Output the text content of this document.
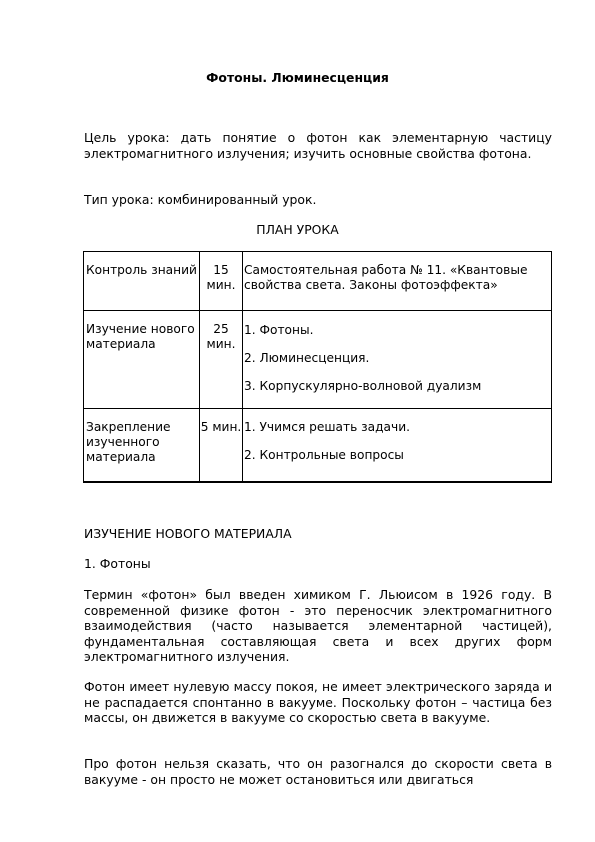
Фотоны. Люминесценция
Цель урока: дать понятие о фотон как элементарную частицу электромагнитного излучения; изучить основные свойства фотона.
Тип урока: комбинированный урок.
ПЛАН УРОКА
Контроль знаний	15 мин.	Самостоятельная работа № 11. «Квантовые свойства света. Законы фотоэффекта»

Изучение нового материала	25 мин.	1. Фотоны.
2. Люминесценция.
3. Корпускулярно-волновой дуализм

Закрепление изученного материала	5 мин.	1. Учимся решать задачи.
2. Контрольные вопросы
ИЗУЧЕНИЕ НОВОГО МАТЕРИАЛА
1. Фотоны
Термин «фотон» был введен химиком Г. Льюисом в 1926 году. В современной физике фотон - это переносчик электромагнитного взаимодействия (часто называется элементарной частицей), фундаментальная составляющая света и всех других форм электромагнитного излучения.
Фотон имеет нулевую массу покоя, не имеет электрического заряда и не распадается спонтанно в вакууме. Поскольку фотон – частица без массы, он движется в вакууме со скоростью света в вакууме.
Про фотон нельзя сказать, что он разогнался до скорости света в вакууме - он просто не может остановиться или двигаться
